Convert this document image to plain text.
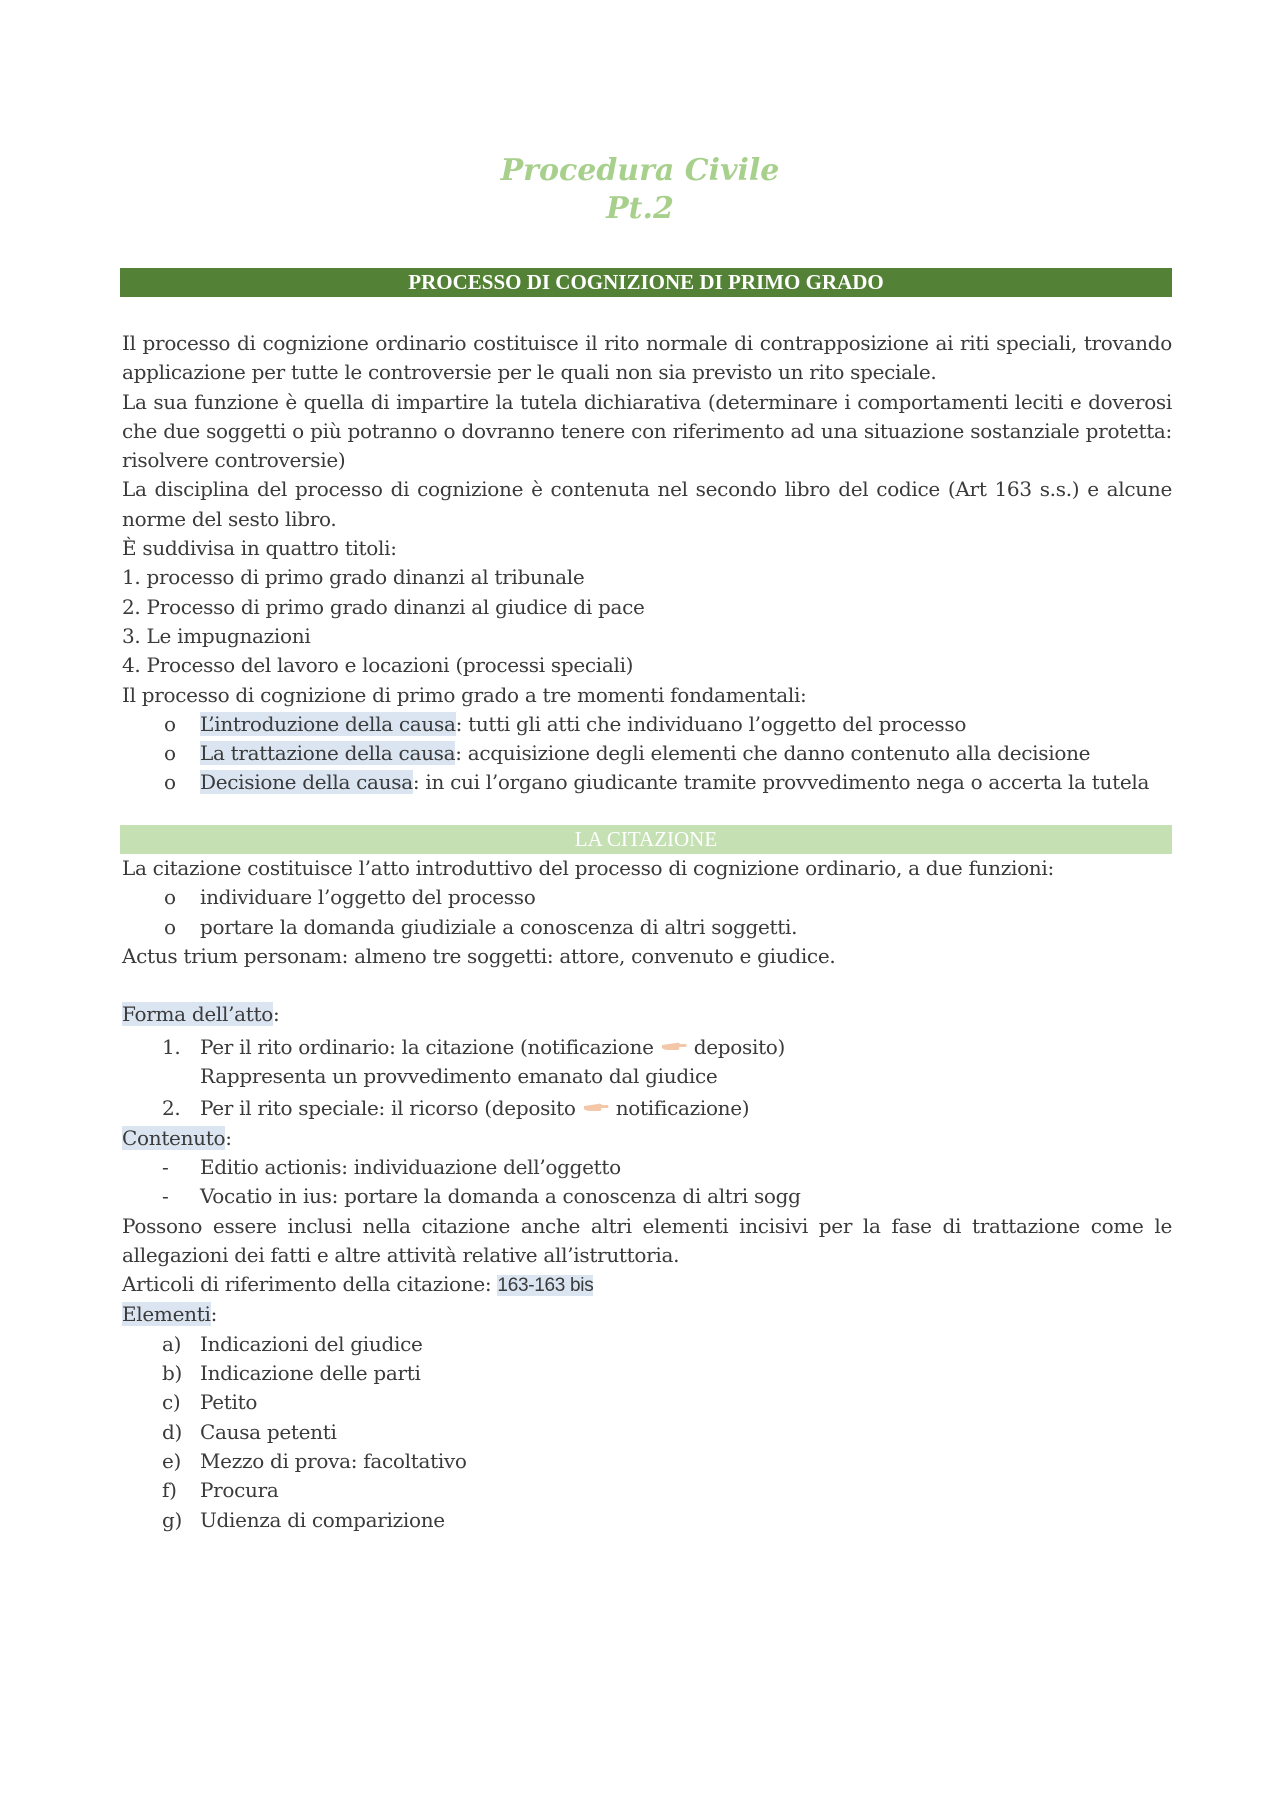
Procedura Civile
Pt.2
PROCESSO DI COGNIZIONE DI PRIMO GRADO

Il processo di cognizione ordinario costituisce il rito normale di contrapposizione ai riti speciali, trovando applicazione per tutte le controversie per le quali non sia previsto un rito speciale.

La sua funzione è quella di impartire la tutela dichiarativa (determinare i comportamenti leciti e doverosi che due soggetti o più potranno o dovranno tenere con riferimento ad una situazione sostanziale protetta: risolvere controversie)

La disciplina del processo di cognizione è contenuta nel secondo libro del codice (Art 163 s.s.) e alcune norme del sesto libro.

È suddivisa in quattro titoli:

1. processo di primo grado dinanzi al tribunale

2. Processo di primo grado dinanzi al giudice di pace

3. Le impugnazioni

4. Processo del lavoro e locazioni (processi speciali)

Il processo di cognizione di primo grado a tre momenti fondamentali:

o	L’introduzione della causa: tutti gli atti che individuano l’oggetto del processo
o	La trattazione della causa: acquisizione degli elementi che danno contenuto alla decisione
o	Decisione della causa: in cui l’organo giudicante tramite provvedimento nega o accerta la tutela
LA CITAZIONE

La citazione costituisce l’atto introduttivo del processo di cognizione ordinario, a due funzioni:

o	individuare l’oggetto del processo
o	portare la domanda giudiziale a conoscenza di altri soggetti.

Actus trium personam: almeno tre soggetti: attore, convenuto e giudice.

Forma dell’atto:

1. Per il rito ordinario: la citazione (notificazione  deposito)
Rappresenta un provvedimento emanato dal giudice
2. Per il rito speciale: il ricorso (deposito  notificazione)

Contenuto:

-	Editio actionis: individuazione dell’oggetto
-	Vocatio in ius: portare la domanda a conoscenza di altri sogg

Possono essere inclusi nella citazione anche altri elementi incisivi per la fase di trattazione come le allegazioni dei fatti e altre attività relative all’istruttoria.

Articoli di riferimento della citazione: 163-163 bis

Elementi:

a) Indicazioni del giudice
b) Indicazione delle parti
c) Petito
d) Causa petenti
e) Mezzo di prova: facoltativo
f)	Procura
g) Udienza di comparizione
